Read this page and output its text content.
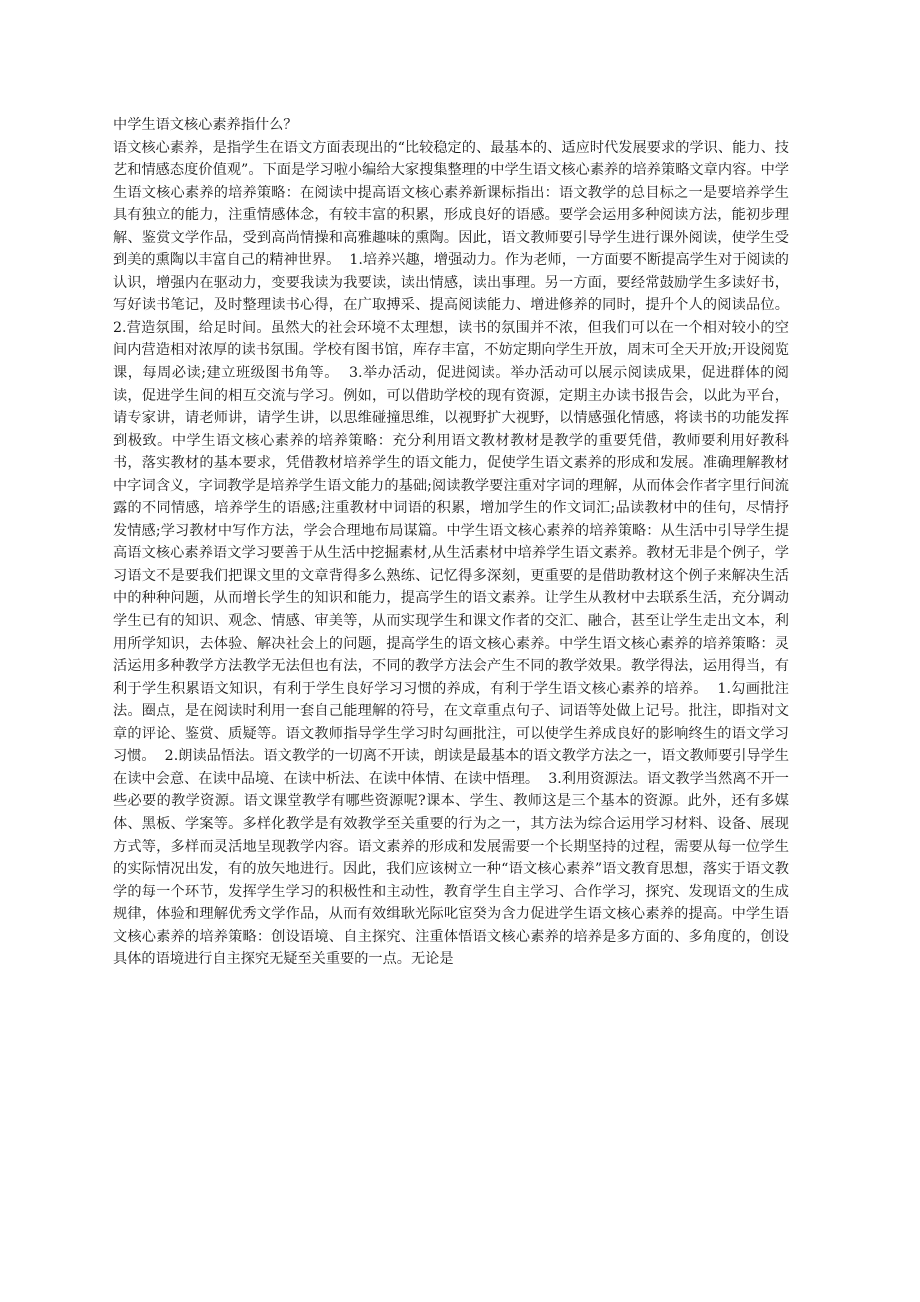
中学生语文核心素养指什么？

语文核心素养，是指学生在语文方面表现出的“比较稳定的、最基本的、适应时代发展要求的学识、能力、技艺和情感态度价值观”。下面是学习啦小编给大家搜集整理的中学生语文核心素养的培养策略文章内容。中学生语文核心素养的培养策略：在阅读中提高语文核心素养新课标指出：语文教学的总目标之一是要培养学生具有独立的能力，注重情感体念，有较丰富的积累，形成良好的语感。要学会运用多种阅读方法，能初步理解、鉴赏文学作品，受到高尚情操和高雅趣味的熏陶。因此，语文教师要引导学生进行课外阅读，使学生受到美的熏陶以丰富自己的精神世界。  1.培养兴趣，增强动力。作为老师，一方面要不断提高学生对于阅读的认识，增强内在驱动力，变要我读为我要读，读出情感，读出事理。另一方面，要经常鼓励学生多读好书，写好读书笔记，及时整理读书心得，在广取搏采、提高阅读能力、增进修养的同时，提升个人的阅读品位。  2.营造氛围，给足时间。虽然大的社会环境不太理想，读书的氛围并不浓，但我们可以在一个相对较小的空间内营造相对浓厚的读书氛围。学校有图书馆，库存丰富，不妨定期向学生开放，周末可全天开放;开设阅览课，每周必读;建立班级图书角等。  3.举办活动，促进阅读。举办活动可以展示阅读成果，促进群体的阅读，促进学生间的相互交流与学习。例如，可以借助学校的现有资源，定期主办读书报告会，以此为平台，请专家讲，请老师讲，请学生讲，以思维碰撞思维，以视野扩大视野，以情感强化情感，将读书的功能发挥到极致。中学生语文核心素养的培养策略：充分利用语文教材教材是教学的重要凭借，教师要利用好教科书，落实教材的基本要求，凭借教材培养学生的语文能力，促使学生语文素养的形成和发展。准确理解教材中字词含义，字词教学是培养学生语文能力的基础;阅读教学要注重对字词的理解，从而体会作者字里行间流露的不同情感，培养学生的语感;注重教材中词语的积累，增加学生的作文词汇;品读教材中的佳句，尽情抒发情感;学习教材中写作方法，学会合理地布局谋篇。中学生语文核心素养的培养策略：从生活中引导学生提高语文核心素养语文学习要善于从生活中挖掘素材,从生活素材中培养学生语文素养。教材无非是个例子，学习语文不是要我们把课文里的文章背得多么熟练、记忆得多深刻，更重要的是借助教材这个例子来解决生活中的种种问题，从而增长学生的知识和能力，提高学生的语文素养。让学生从教材中去联系生活，充分调动学生已有的知识、观念、情感、审美等，从而实现学生和课文作者的交汇、融合，甚至让学生走出文本，利用所学知识，去体验、解决社会上的问题，提高学生的语文核心素养。中学生语文核心素养的培养策略：灵活运用多种教学方法教学无法但也有法，不同的教学方法会产生不同的教学效果。教学得法，运用得当，有利于学生积累语文知识，有利于学生良好学习习惯的养成，有利于学生语文核心素养的培养。  1.勾画批注法。圈点，是在阅读时利用一套自己能理解的符号，在文章重点句子、词语等处做上记号。批注，即指对文章的评论、鉴赏、质疑等。语文教师指导学生学习时勾画批注，可以使学生养成良好的影响终生的语文学习习惯。  2.朗读品悟法。语文教学的一切离不开读，朗读是最基本的语文教学方法之一，语文教师要引导学生在读中会意、在读中品境、在读中析法、在读中体情、在读中悟理。  3.利用资源法。语文教学当然离不开一些必要的教学资源。语文课堂教学有哪些资源呢?课本、学生、教师这是三个基本的资源。此外，还有多媒体、黑板、学案等。多样化教学是有效教学至关重要的行为之一，其方法为综合运用学习材料、设备、展现方式等，多样而灵活地呈现教学内容。语文素养的形成和发展需要一个长期坚持的过程，需要从每一位学生的实际情况出发，有的放矢地进行。因此，我们应该树立一种“语文核心素养”语文教育思想，落实于语文教学的每一个环节，发挥学生学习的积极性和主动性，教育学生自主学习、合作学习，探究、发现语文的生成规律，体验和理解优秀文学作品，从而有效缉耿光际叱宦癸为含力促进学生语文核心素养的提高。中学生语文核心素养的培养策略：创设语境、自主探究、注重体悟语文核心素养的培养是多方面的、多角度的，创设具体的语境进行自主探究无疑至关重要的一点。无论是
